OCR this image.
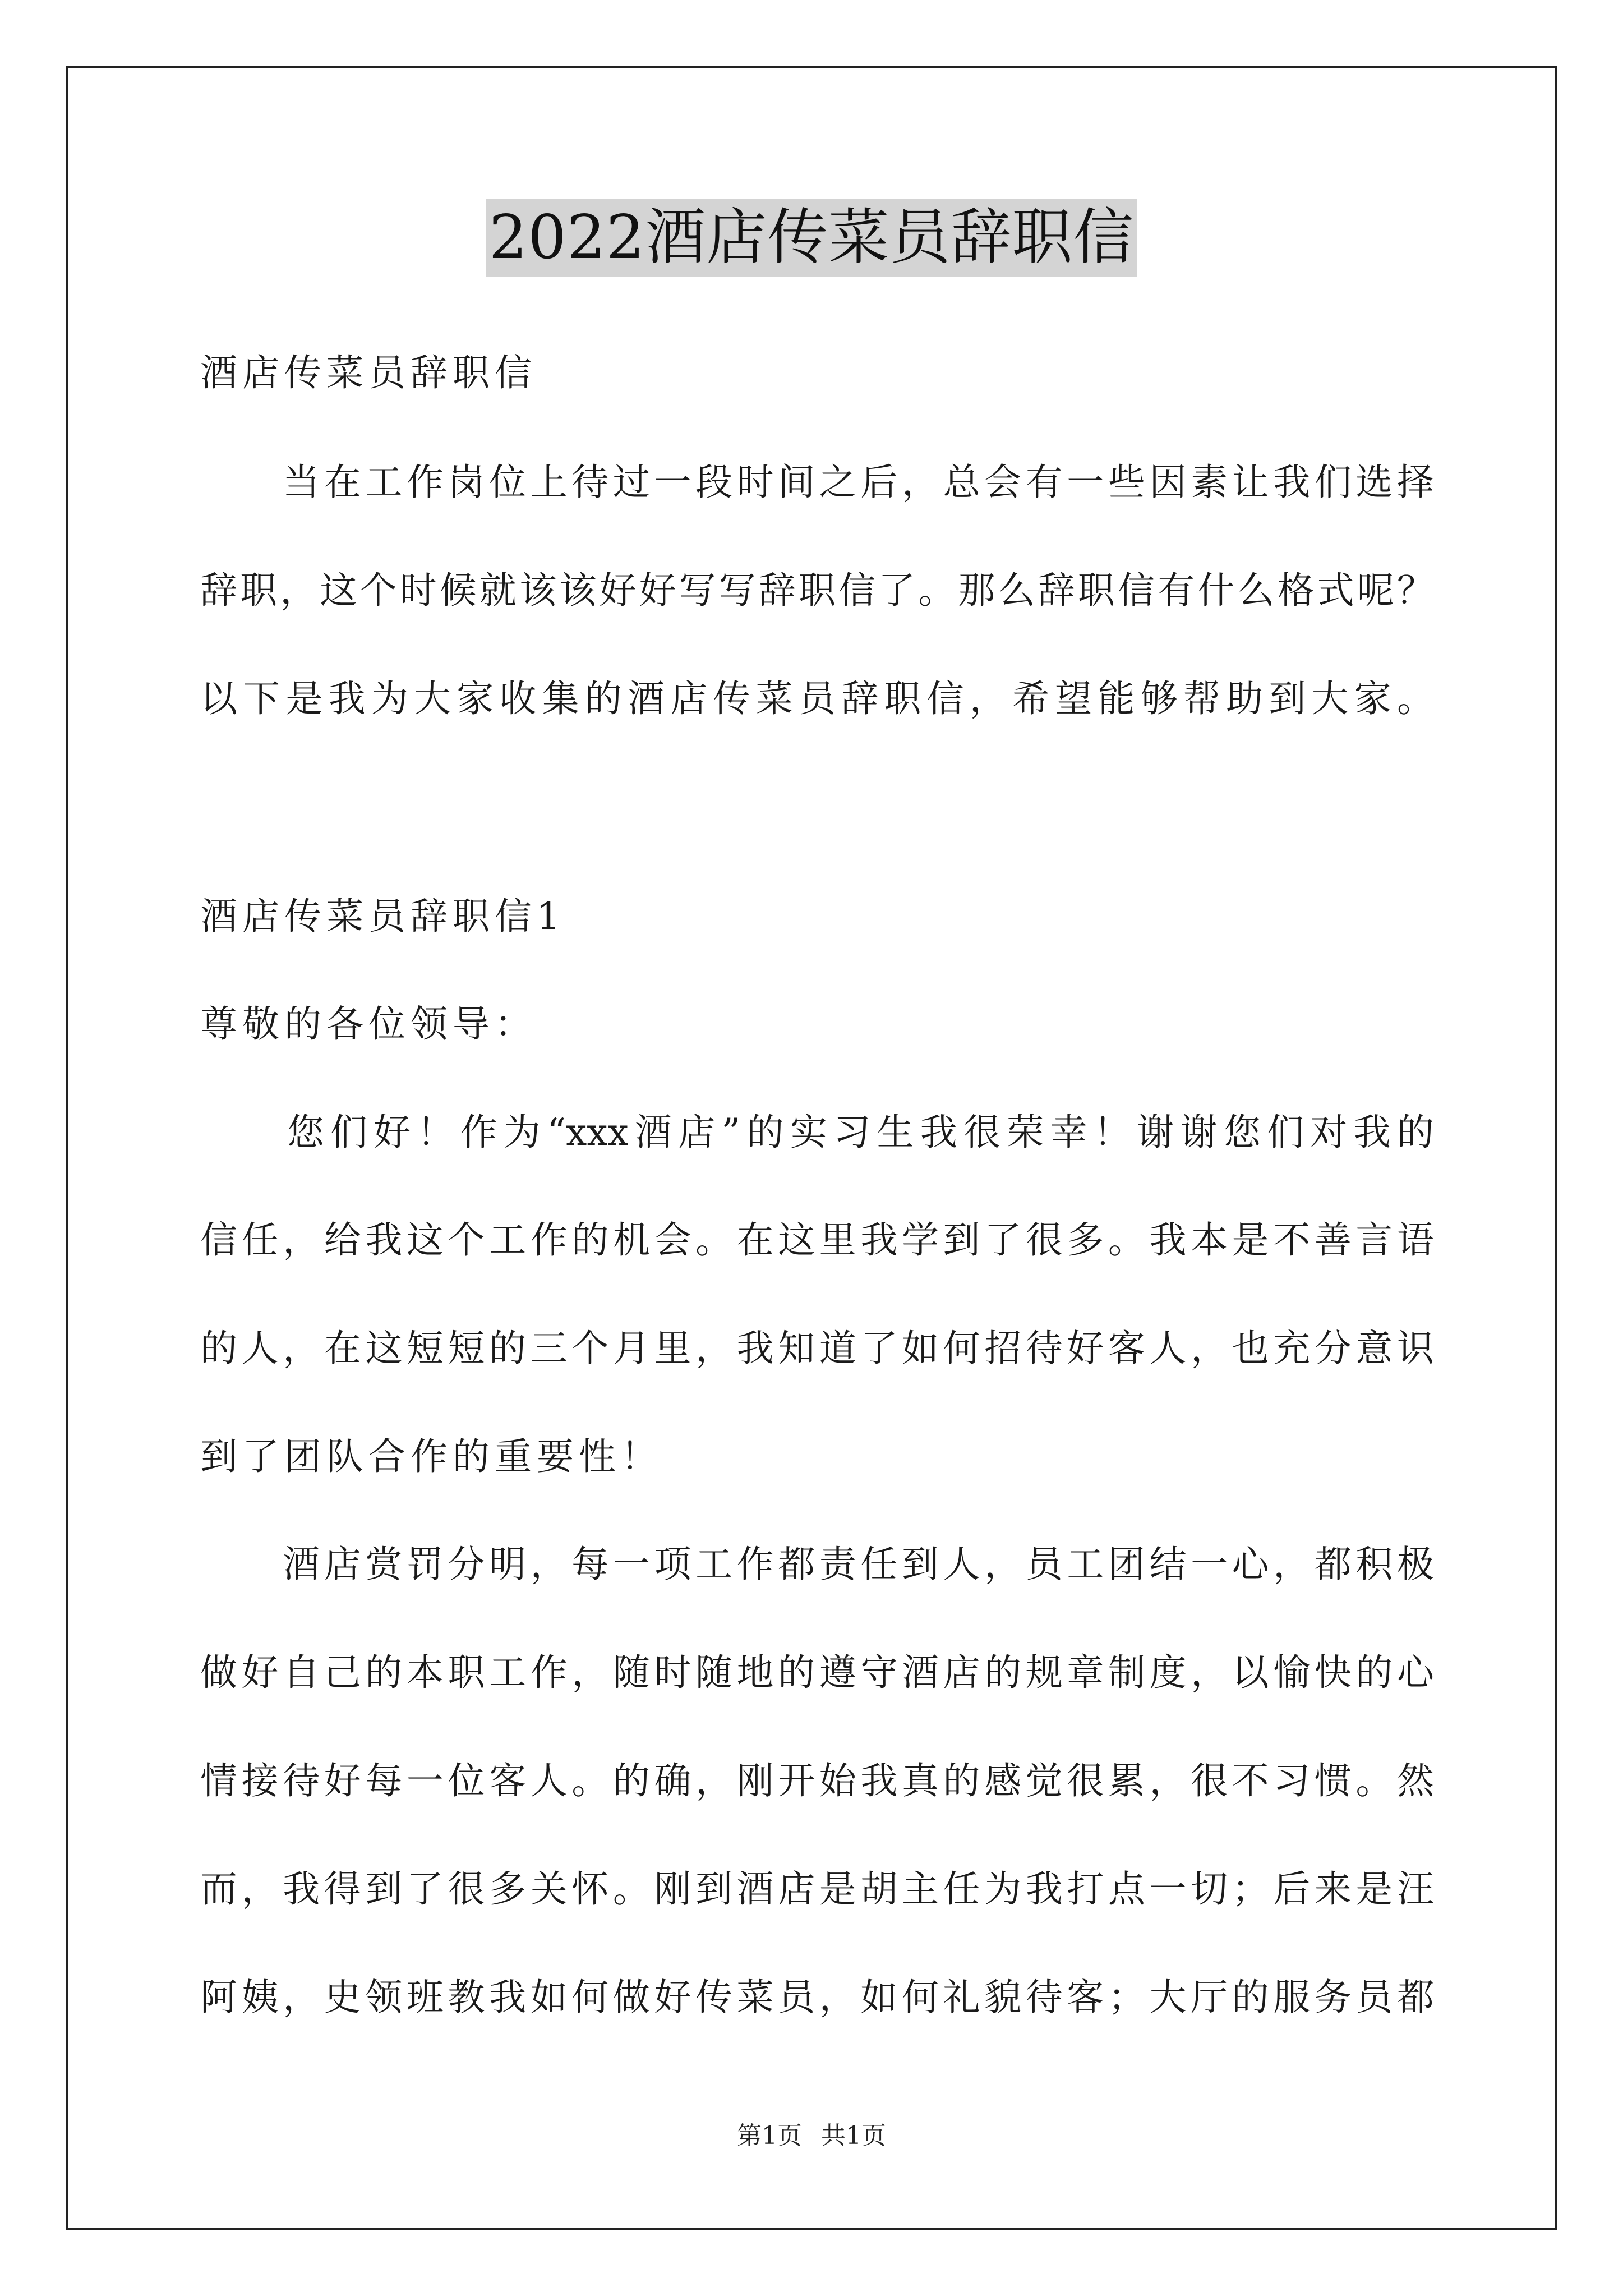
2022酒店传菜员辞职信
酒店传菜员辞职信
　　当在工作岗位上待过一段时间之后，总会有一些因素让我们选择
辞职，这个时候就该该好好写写辞职信了。那么辞职信有什么格式呢？
以下是我为大家收集的酒店传菜员辞职信，希望能够帮助到大家。
酒店传菜员辞职信1
尊敬的各位领导：
　　您们好！作为“xxx酒店”的实习生我很荣幸！谢谢您们对我的
信任，给我这个工作的机会。在这里我学到了很多。我本是不善言语
的人，在这短短的三个月里，我知道了如何招待好客人，也充分意识
到了团队合作的重要性！
　　酒店赏罚分明，每一项工作都责任到人，员工团结一心，都积极
做好自己的本职工作，随时随地的遵守酒店的规章制度，以愉快的心
情接待好每一位客人。的确，刚开始我真的感觉很累，很不习惯。然
而，我得到了很多关怀。刚到酒店是胡主任为我打点一切；后来是汪
阿姨，史领班教我如何做好传菜员，如何礼貌待客；大厅的服务员都
第1页 共1页
